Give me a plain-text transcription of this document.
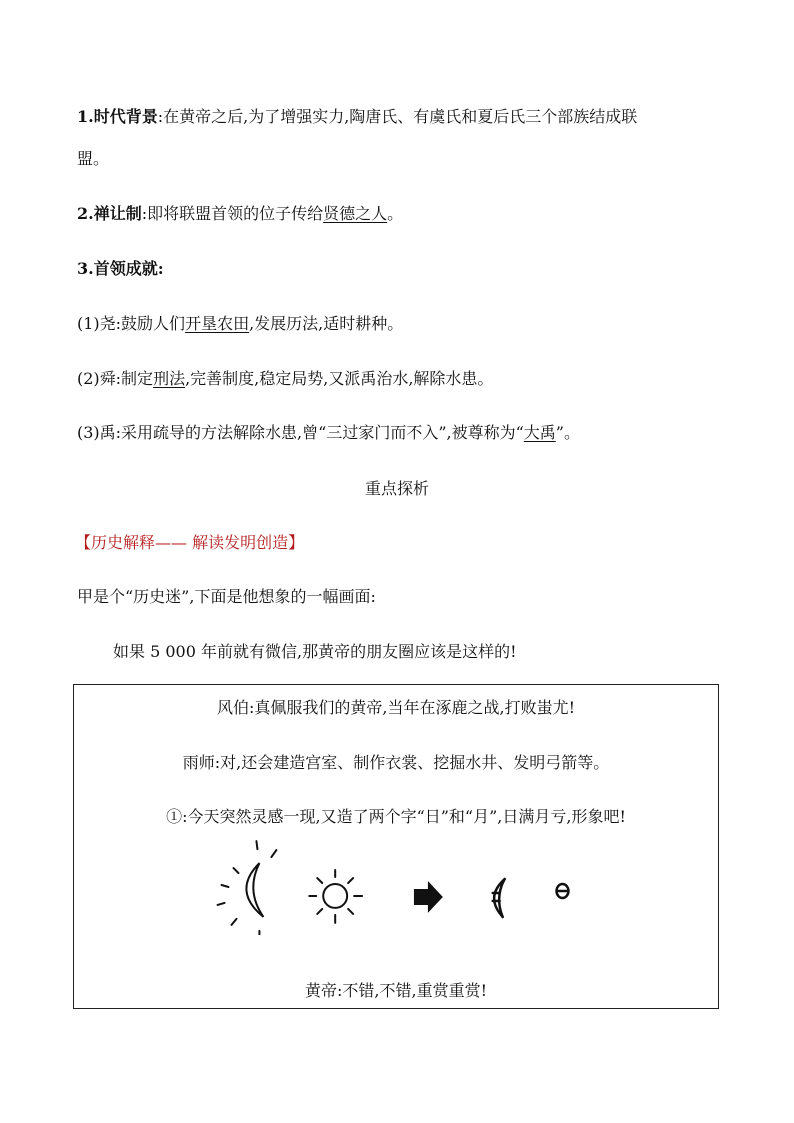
1.时代背景:在黄帝之后,为了增强实力,陶唐氏、有虞氏和夏后氏三个部族结成联
盟。
2.禅让制:即将联盟首领的位子传给贤德之人。
3.首领成就:
(1)尧:鼓励人们开垦农田,发展历法,适时耕种。
(2)舜:制定刑法,完善制度,稳定局势,又派禹治水,解除水患。
(3)禹:采用疏导的方法解除水患,曾“三过家门而不入”,被尊称为“大禹”。
重点探析
【历史解释—— 解读发明创造】
甲是个“历史迷”,下面是他想象的一幅画面:
如果 5 000 年前就有微信,那黄帝的朋友圈应该是这样的!
风伯:真佩服我们的黄帝,当年在涿鹿之战,打败蚩尤!
雨师:对,还会建造宫室、制作衣裳、挖掘水井、发明弓箭等。
①:今天突然灵感一现,又造了两个字“日”和“月”,日满月亏,形象吧!
黄帝:不错,不错,重赏重赏!
